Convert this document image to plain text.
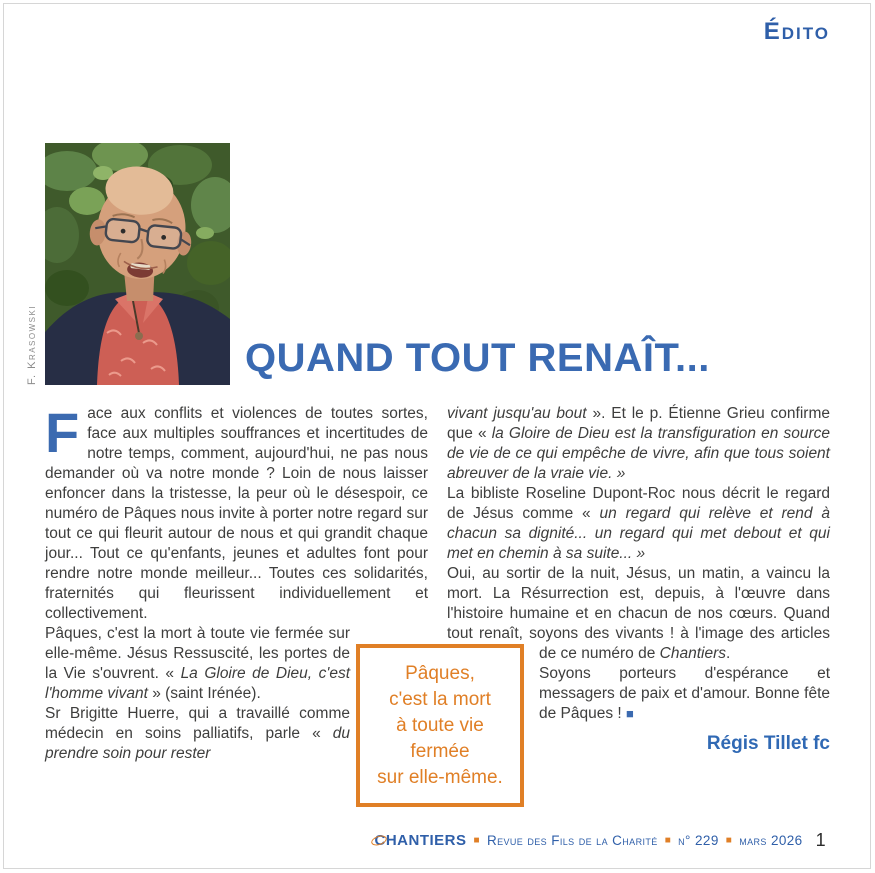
Édito
F. Krasowski	QUAND TOUT RENAÎT...

Face aux conflits et violences de toutes sortes, face aux multiples souffrances et incertitudes de notre temps, comment, aujourd'hui, ne pas nous demander où va notre monde ? Loin de nous laisser enfoncer dans la tristesse, la peur où le désespoir, ce numéro de Pâques nous invite à porter notre regard sur tout ce qui fleurit autour de nous et qui grandit chaque jour... Tout ce qu'enfants, jeunes et adultes font pour rendre notre monde meilleur... Toutes ces solidarités, fraternités qui fleurissent individuellement et collectivement.

Pâques, c'est la mort à toute vie fermée sur elle-même. Jésus Ressuscité, les portes de la Vie s'ouvrent. « La Gloire de Dieu, c'est l'homme vivant » (saint Irénée).

Sr Brigitte Huerre, qui a travaillé comme médecin en soins palliatifs, parle « du prendre soin pour rester

vivant jusqu'au bout ». Et le p. Étienne Grieu confirme que « la Gloire de Dieu est la transfiguration en source de vie de ce qui empêche de vivre, afin que tous soient abreuver de la vraie vie. »

La bibliste Roseline Dupont-Roc nous décrit le regard de Jésus comme « un regard qui relève et rend à chacun sa dignité... un regard qui met debout et qui met en chemin à sa suite... »

Oui, au sortir de la nuit, Jésus, un matin, a vaincu la mort. La Résurrection est, depuis, à l'œuvre dans l'histoire humaine et en chacun de nos cœurs. Quand tout renaît, soyons des vivants ! à l'image des articles de ce numéro de Chantiers.

Soyons porteurs d'espérance et messagers de paix et d'amour. Bonne fête de Pâques ! ■

Régis Tillet fc

Pâques,
c'est la mort
à toute vie
fermée
sur elle-même.
C HANTIERS ■ Revue des Fils de la Charité ■ n° 229 ■ mars 2026 1
